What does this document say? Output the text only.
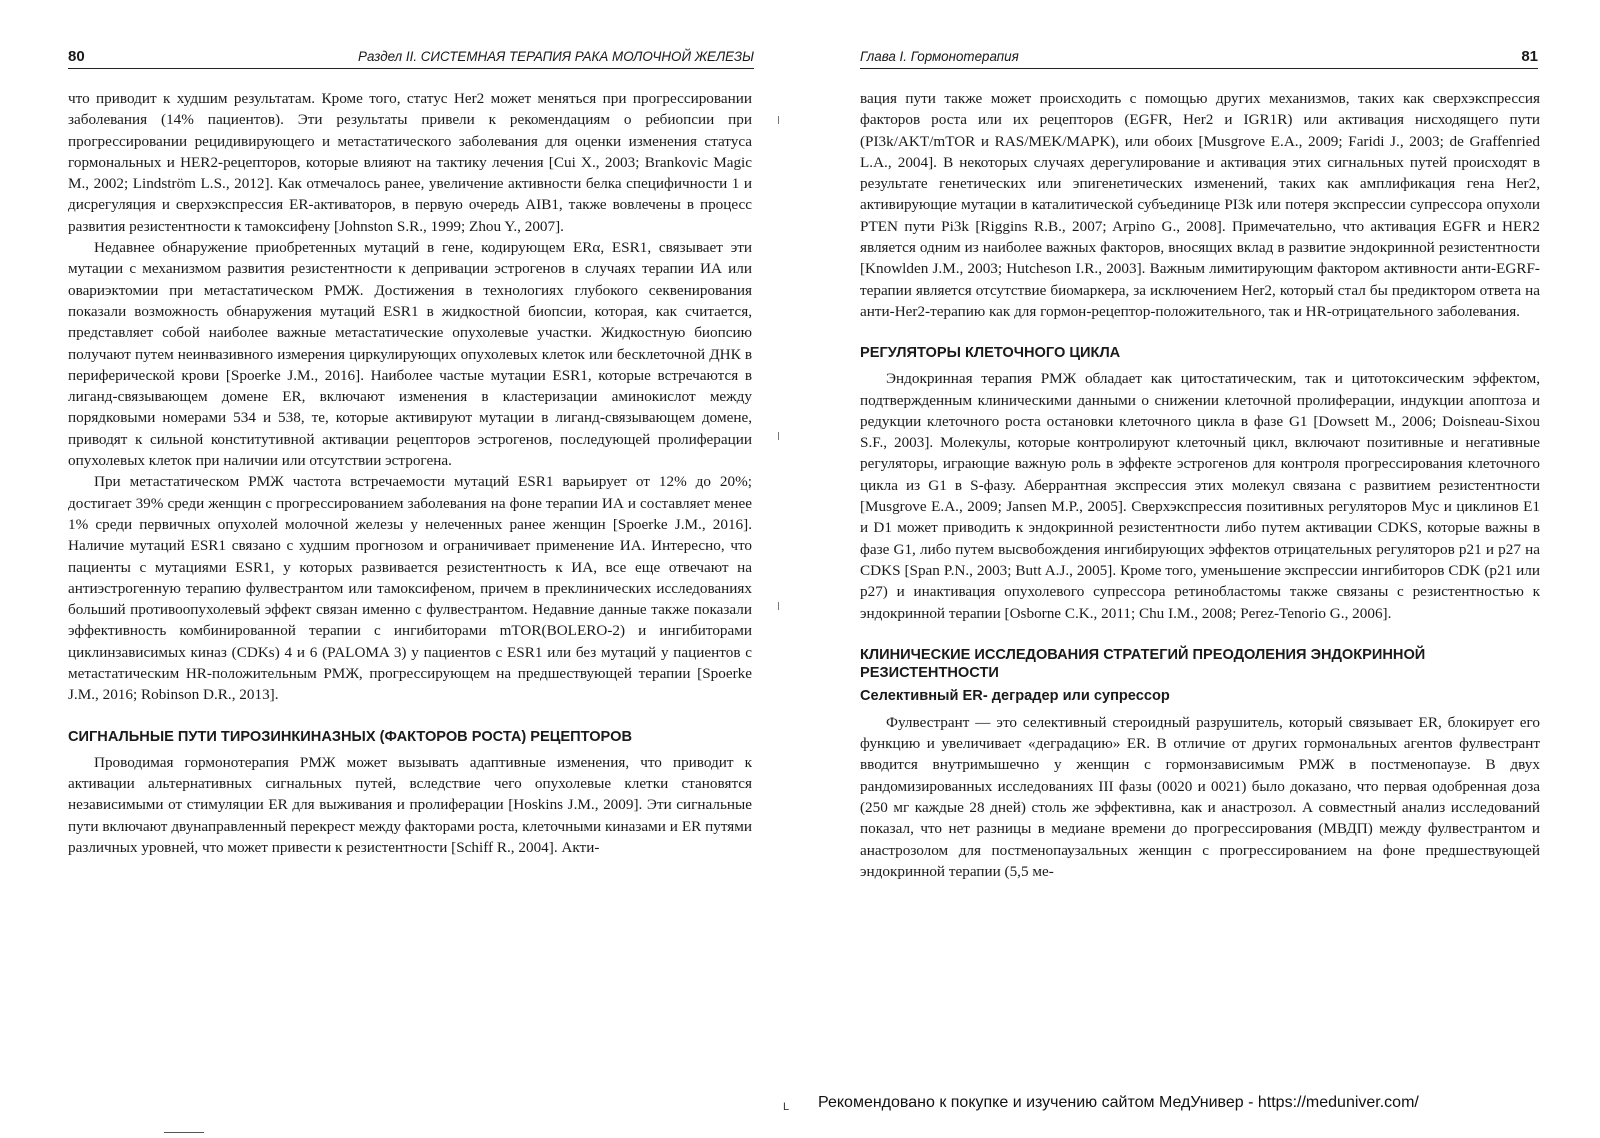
80	Раздел II. СИСТЕМНАЯ ТЕРАПИЯ РАКА МОЛОЧНОЙ ЖЕЛЕЗЫ

что приводит к худшим результатам. Кроме того, статус Her2 может меняться при прогрессировании заболевания (14% пациентов). Эти результаты привели к рекомендациям о ребиопсии при прогрессировании рецидивирующего и метастатического заболевания для оценки изменения статуса гормональных и HER2-рецепторов, которые влияют на тактику лечения [Cui X., 2003; Brankovic Magic M., 2002; Lindström L.S., 2012]. Как отмечалось ранее, увеличение активности белка специфичности 1 и дисрегуляция и сверхэкспрессия ER-активаторов, в первую очередь AIB1, также вовлечены в процесс развития резистентности к тамоксифену [Johnston S.R., 1999; Zhou Y., 2007].

Недавнее обнаружение приобретенных мутаций в гене, кодирующем ERα, ESR1, связывает эти мутации с механизмом развития резистентности к депривации эстрогенов в случаях терапии ИА или овариэктомии при метастатическом РМЖ. Достижения в технологиях глубокого секвенирования показали возможность обнаружения мутаций ESR1 в жидкостной биопсии, которая, как считается, представляет собой наиболее важные метастатические опухолевые участки. Жидкостную биопсию получают путем неинвазивного измерения циркулирующих опухолевых клеток или бесклеточной ДНК в периферической крови [Spoerke J.M., 2016]. Наиболее частые мутации ESR1, которые встречаются в лиганд-связывающем домене ER, включают изменения в кластеризации аминокислот между порядковыми номерами 534 и 538, те, которые активируют мутации в лиганд-связывающем домене, приводят к сильной конститутивной активации рецепторов эстрогенов, последующей пролиферации опухолевых клеток при наличии или отсутствии эстрогена.

При метастатическом РМЖ частота встречаемости мутаций ESR1 варьирует от 12% до 20%; достигает 39% среди женщин с прогрессированием заболевания на фоне терапии ИА и составляет менее 1% среди первичных опухолей молочной железы у нелеченных ранее женщин [Spoerke J.M., 2016]. Наличие мутаций ESR1 связано с худшим прогнозом и ограничивает применение ИА. Интересно, что пациенты с мутациями ESR1, у которых развивается резистентность к ИА, все еще отвечают на антиэстрогенную терапию фулвестрантом или тамоксифеном, причем в преклинических исследованиях больший противоопухолевый эффект связан именно с фулвестрантом. Недавние данные также показали эффективность комбинированной терапии с ингибиторами mTOR(BOLERO-2) и ингибиторами циклинзависимых киназ (CDKs) 4 и 6 (PALOMA 3) у пациентов с ESR1 или без мутаций у пациентов с метастатическим HR-положительным РМЖ, прогрессирующем на предшествующей терапии [Spoerke J.M., 2016; Robinson D.R., 2013].

СИГНАЛЬНЫЕ ПУТИ ТИРОЗИНКИНАЗНЫХ (ФАКТОРОВ РОСТА) РЕЦЕПТОРОВ

Проводимая гормонотерапия РМЖ может вызывать адаптивные изменения, что приводит к активации альтернативных сигнальных путей, вследствие чего опухолевые клетки становятся независимыми от стимуляции ER для выживания и пролиферации [Hoskins J.M., 2009]. Эти сигнальные пути включают двунаправленный перекрест между факторами роста, клеточными киназами и ER путями различных уровней, что может привести к резистентности [Schiff R., 2004]. Акти-

Глава I. Гормонотерапия	81

вация пути также может происходить с помощью других механизмов, таких как сверхэкспрессия факторов роста или их рецепторов (EGFR, Her2 и IGR1R) или активация нисходящего пути (PI3k/AKT/mTOR и RAS/MEK/MAPK), или обоих [Musgrove E.A., 2009; Faridi J., 2003; de Graffenried L.A., 2004]. В некоторых случаях дерегулирование и активация этих сигнальных путей происходят в результате генетических или эпигенетических изменений, таких как амплификация гена Her2, активирующие мутации в каталитической субъединице PI3k или потеря экспрессии супрессора опухоли PTEN пути Pi3k [Riggins R.B., 2007; Arpino G., 2008]. Примечательно, что активация EGFR и HER2 является одним из наиболее важных факторов, вносящих вклад в развитие эндокринной резистентности [Knowlden J.M., 2003; Hutcheson I.R., 2003]. Важным лимитирующим фактором активности анти-EGRF-терапии является отсутствие биомаркера, за исключением Her2, который стал бы предиктором ответа на анти-Her2-терапию как для гормон-рецептор-положительного, так и HR-отрицательного заболевания.

РЕГУЛЯТОРЫ КЛЕТОЧНОГО ЦИКЛА

Эндокринная терапия РМЖ обладает как цитостатическим, так и цитотоксическим эффектом, подтвержденным клиническими данными о снижении клеточной пролиферации, индукции апоптоза и редукции клеточного роста остановки клеточного цикла в фазе G1 [Dowsett M., 2006; Doisneau-Sixou S.F., 2003]. Молекулы, которые контролируют клеточный цикл, включают позитивные и негативные регуляторы, играющие важную роль в эффекте эстрогенов для контроля прогрессирования клеточного цикла из G1 в S-фазу. Аберрантная экспрессия этих молекул связана с развитием резистентности [Musgrove E.A., 2009; Jansen M.P., 2005]. Сверхэкспрессия позитивных регуляторов Myc и циклинов E1 и D1 может приводить к эндокринной резистентности либо путем активации CDKS, которые важны в фазе G1, либо путем высвобождения ингибирующих эффектов отрицательных регуляторов p21 и p27 на CDKS [Span P.N., 2003; Butt A.J., 2005]. Кроме того, уменьшение экспрессии ингибиторов CDK (p21 или p27) и инактивация опухолевого супрессора ретинобластомы также связаны с резистентностью к эндокринной терапии [Osborne C.K., 2011; Chu I.M., 2008; Perez-Tenorio G., 2006].

КЛИНИЧЕСКИЕ ИССЛЕДОВАНИЯ СТРАТЕГИЙ ПРЕОДОЛЕНИЯ ЭНДОКРИННОЙ РЕЗИСТЕНТНОСТИ
Селективный ER- деградер или супрессор

Фулвестрант — это селективный стероидный разрушитель, который связывает ER, блокирует его функцию и увеличивает «деградацию» ER. В отличие от других гормональных агентов фулвестрант вводится внутримышечно у женщин с гормонзависимым РМЖ в постменопаузе. В двух рандомизированных исследованиях III фазы (0020 и 0021) было доказано, что первая одобренная доза (250 мг каждые 28 дней) столь же эффективна, как и анастрозол. А совместный анализ исследований показал, что нет разницы в медиане времени до прогрессирования (МВДП) между фулвестрантом и анастрозолом для постменопаузальных женщин с прогрессированием на фоне предшествующей эндокринной терапии (5,5 ме-

L Рекомендовано к покупке и изучению сайтом МедУнивер - https://meduniver.com/
